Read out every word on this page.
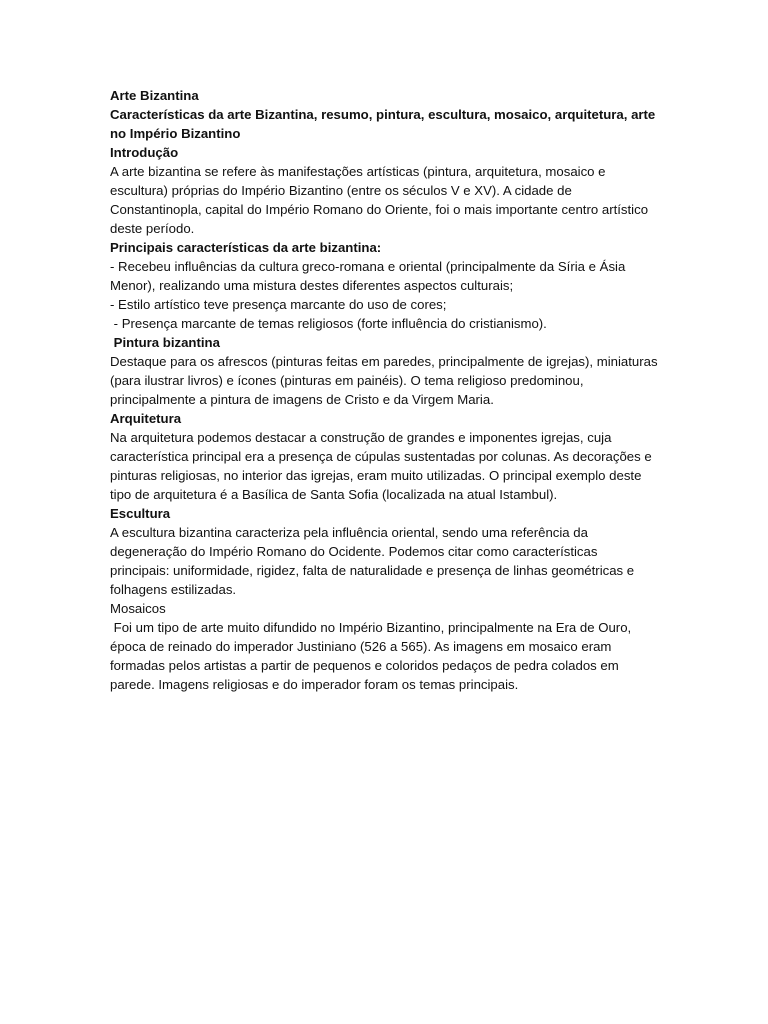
Arte Bizantina

Características da arte Bizantina, resumo, pintura, escultura, mosaico, arquitetura, arte no Império Bizantino

Introdução

A arte bizantina se refere às manifestações artísticas (pintura, arquitetura, mosaico e escultura) próprias do Império Bizantino (entre os séculos V e XV). A cidade de Constantinopla, capital do Império Romano do Oriente, foi o mais importante centro artístico deste período.

Principais características da arte bizantina:

- Recebeu influências da cultura greco-romana e oriental (principalmente da Síria e Ásia Menor), realizando uma mistura destes diferentes aspectos culturais;

- Estilo artístico teve presença marcante do uso de cores;

- Presença marcante de temas religiosos (forte influência do cristianismo).

Pintura bizantina

Destaque para os afrescos (pinturas feitas em paredes, principalmente de igrejas), miniaturas (para ilustrar livros) e ícones (pinturas em painéis). O tema religioso predominou, principalmente a pintura de imagens de Cristo e da Virgem Maria.

Arquitetura

Na arquitetura podemos destacar a construção de grandes e imponentes igrejas, cuja característica principal era a presença de cúpulas sustentadas por colunas. As decorações e pinturas religiosas, no interior das igrejas, eram muito utilizadas. O principal exemplo deste tipo de arquitetura é a Basílica de Santa Sofia (localizada na atual Istambul).

Escultura

A escultura bizantina caracteriza pela influência oriental, sendo uma referência da degeneração do Império Romano do Ocidente. Podemos citar como características principais: uniformidade, rigidez, falta de naturalidade e presença de linhas geométricas e folhagens estilizadas.

Mosaicos

Foi um tipo de arte muito difundido no Império Bizantino, principalmente na Era de Ouro, época de reinado do imperador Justiniano (526 a 565). As imagens em mosaico eram formadas pelos artistas a partir de pequenos e coloridos pedaços de pedra colados em parede. Imagens religiosas e do imperador foram os temas principais.
